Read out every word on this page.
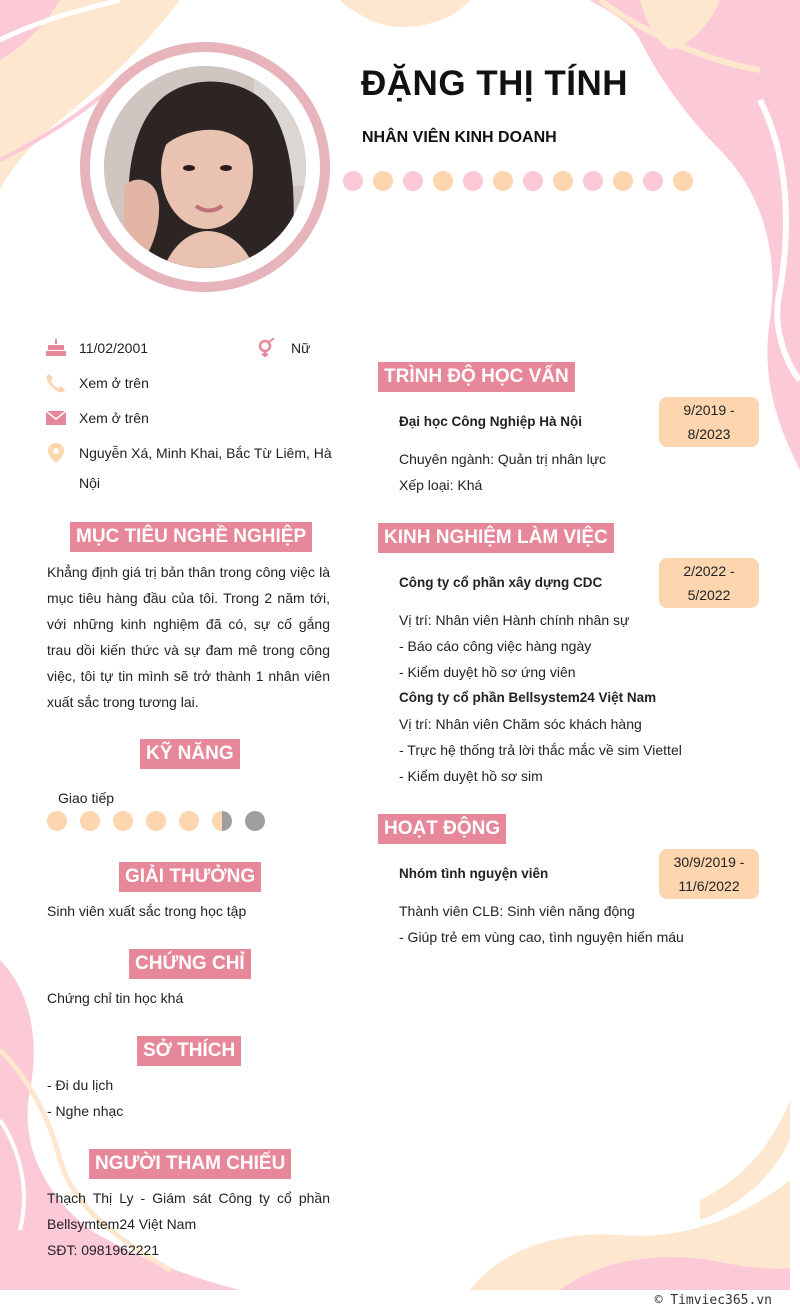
ĐẶNG THỊ TÍNH

NHÂN VIÊN KINH DOANH

11/02/2001	Nữ
Xem ở trên
Xem ở trên
Nguyễn Xá, Minh Khai, Bắc Từ Liêm, Hà Nội
MỤC TIÊU NGHỀ NGHIỆP
Khẳng định giá trị bản thân trong công việc là mục tiêu hàng đầu của tôi. Trong 2 năm tới, với những kinh nghiệm đã có, sự cố gắng trau dồi kiến thức và sự đam mê trong công việc, tôi tự tin mình sẽ trở thành 1 nhân viên xuất sắc trong tương lai.
KỸ NĂNG
Giao tiếp
GIẢI THƯỞNG
Sinh viên xuất sắc trong học tập
CHỨNG CHỈ
Chứng chỉ tin học khá
SỞ THÍCH
- Đi du lịch
- Nghe nhạc
NGƯỜI THAM CHIẾU
Thạch Thị Ly - Giám sát Công ty cổ phần Bellsymtem24 Việt Nam
SĐT: 0981962221
TRÌNH ĐỘ HỌC VẤN
9/2019 -
8/2023
Đại học Công Nghiệp Hà Nội
Chuyên ngành: Quản trị nhân lực
Xếp loại: Khá
KINH NGHIỆM LÀM VIỆC
2/2022 -
5/2022
Công ty cổ phần xây dựng CDC
Vị trí: Nhân viên Hành chính nhân sự
- Báo cáo công việc hàng ngày
- Kiểm duyệt hồ sơ ứng viên
Công ty cổ phần Bellsystem24 Việt Nam
Vị trí: Nhân viên Chăm sóc khách hàng
- Trực hệ thống trả lời thắc mắc về sim Viettel
- Kiểm duyệt hồ sơ sim
HOẠT ĐỘNG
30/9/2019 -
11/6/2022
Nhóm tình nguyện viên
Thành viên CLB: Sinh viên năng động
- Giúp trẻ em vùng cao, tình nguyện hiến máu
© Timviec365.vn
